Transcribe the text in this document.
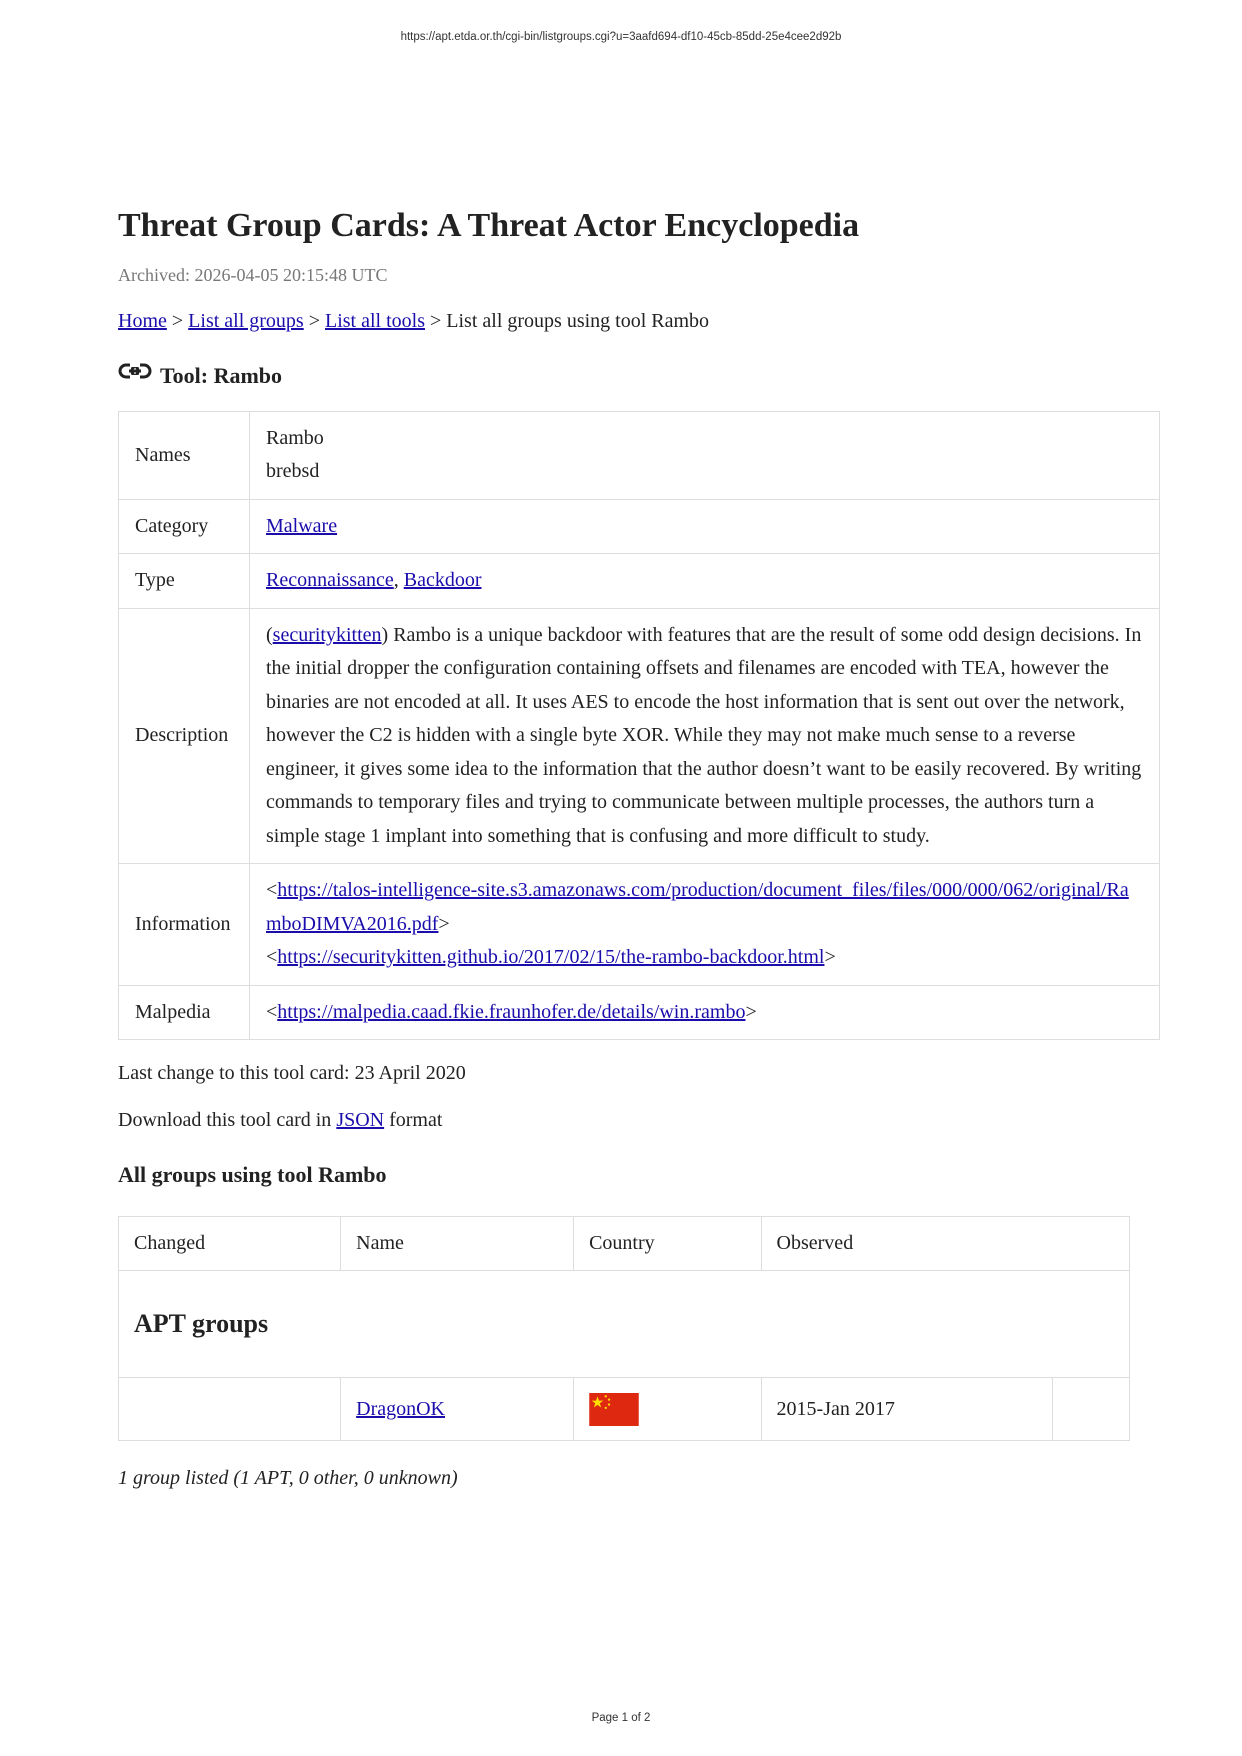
https://apt.etda.or.th/cgi-bin/listgroups.cgi?u=3aafd694-df10-45cb-85dd-25e4cee2d92b
Threat Group Cards: A Threat Actor Encyclopedia
Archived: 2026-04-05 20:15:48 UTC
Home > List all groups > List all tools > List all groups using tool Rambo
Tool: Rambo
Names	Rambo
brebsd
Category	Malware
Type	Reconnaissance, Backdoor
Description	(securitykitten) Rambo is a unique backdoor with features that are the result of some odd design decisions. In the initial dropper the configuration containing offsets and filenames are encoded with TEA, however the binaries are not encoded at all. It uses AES to encode the host information that is sent out over the network, however the C2 is hidden with a single byte XOR. While they may not make much sense to a reverse engineer, it gives some idea to the information that the author doesn’t want to be easily recovered. By writing commands to temporary files and trying to communicate between multiple processes, the authors turn a simple stage 1 implant into something that is confusing and more difficult to study.
Information	<https://talos-intelligence-site.s3.amazonaws.com/production/document_files/files/000/000/062/original/RamboDIMVA2016.pdf>
<https://securitykitten.github.io/2017/02/15/the-rambo-backdoor.html>
Malpedia	<https://malpedia.caad.fkie.fraunhofer.de/details/win.rambo>
Last change to this tool card: 23 April 2020
Download this tool card in JSON format
All groups using tool Rambo
Changed	Name	Country	Observed	
APT groups				
	DragonOK		2015-Jan 2017	
1 group listed (1 APT, 0 other, 0 unknown)
Page 1 of 2
